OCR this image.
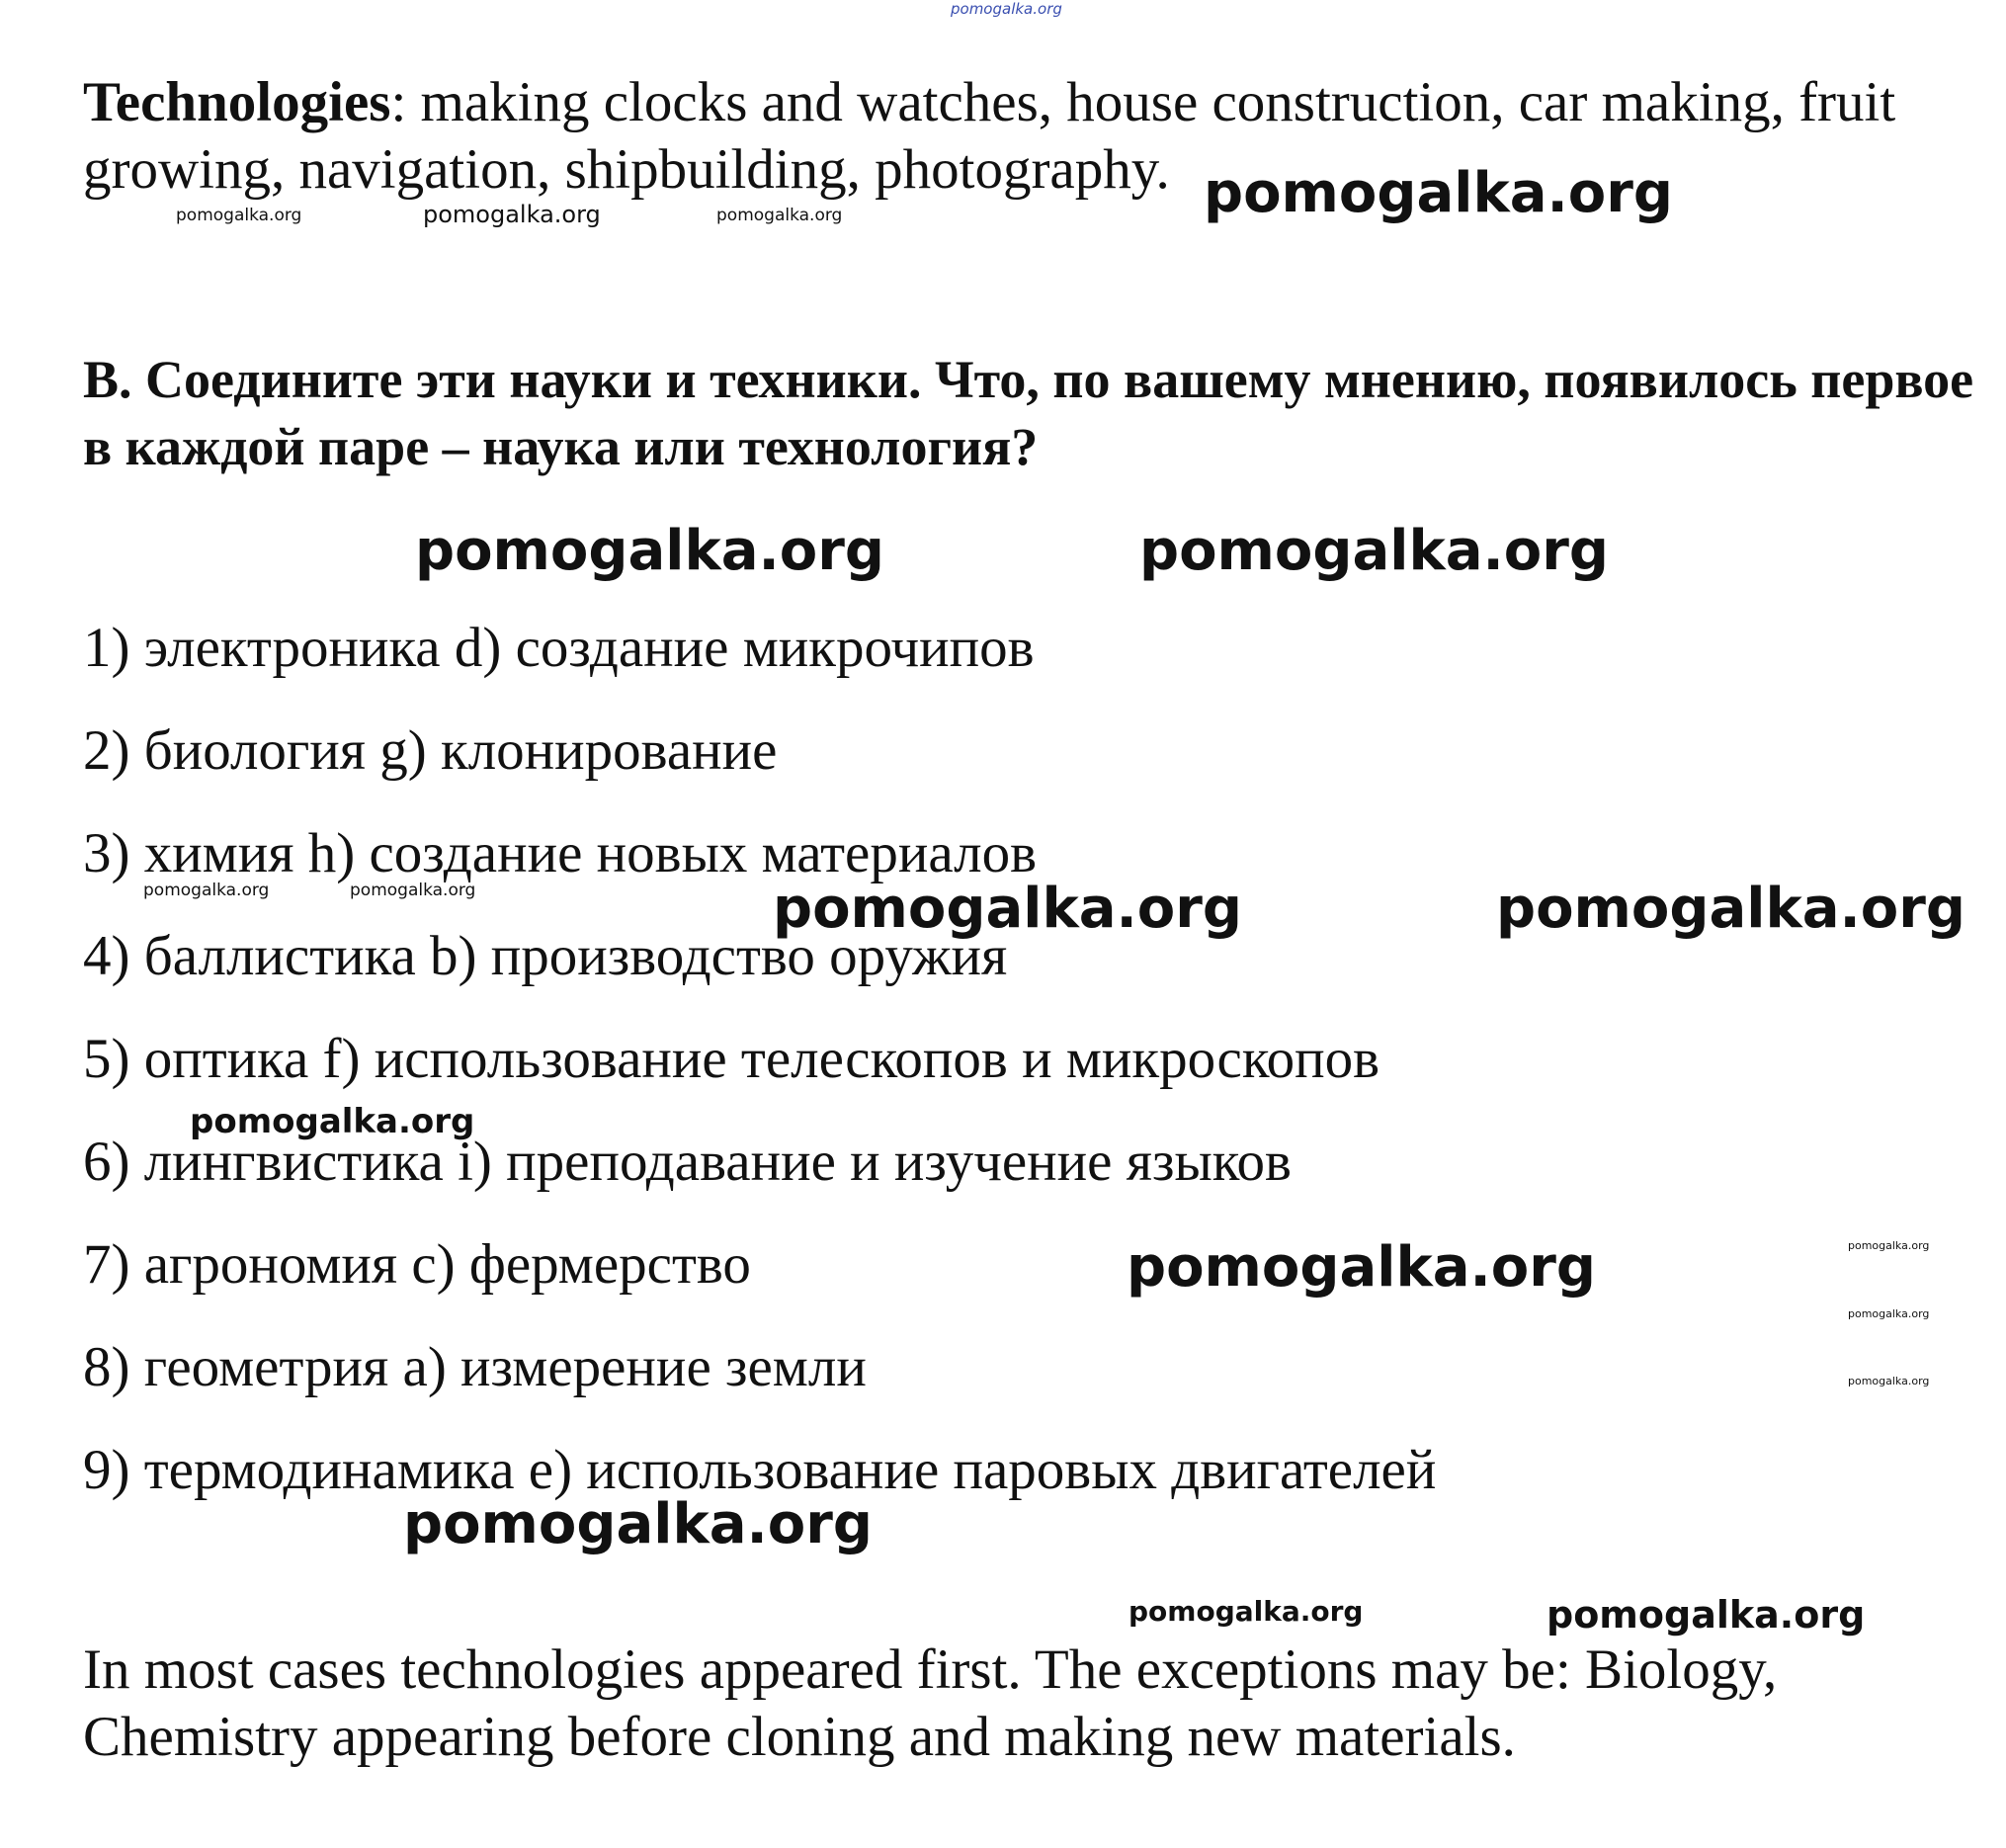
pomogalka.org

Technologies: making clocks and watches, house construction, car making, fruit growing, navigation, shipbuilding, photography.

pomogalka.org	pomogalka.org	pomogalka.org	pomogalka.org

B. Соедините эти науки и техники. Что, по вашему мнению, появилось первое в каждой паре – наука или технология?

pomogalka.org	pomogalka.org
1) электроника d) создание микрочипов
2) биология g) клонирование
3) химия h) создание новых материалов
4) баллистика b) производство оружия
5) оптика f) использование телескопов и микроскопов
6) лингвистика i) преподавание и изучение языков
7) агрономия c) фермерство
8) геометрия a) измерение земли
9) термодинамика e) использование паровых двигателей
pomogalka.org	pomogalka.org	pomogalka.org	pomogalka.org
pomogalka.org
pomogalka.org	pomogalka.org
pomogalka.org
pomogalka.org
pomogalka.org
pomogalka.org	pomogalka.org

In most cases technologies appeared first. The exceptions may be: Biology, Chemistry appearing before cloning and making new materials.
